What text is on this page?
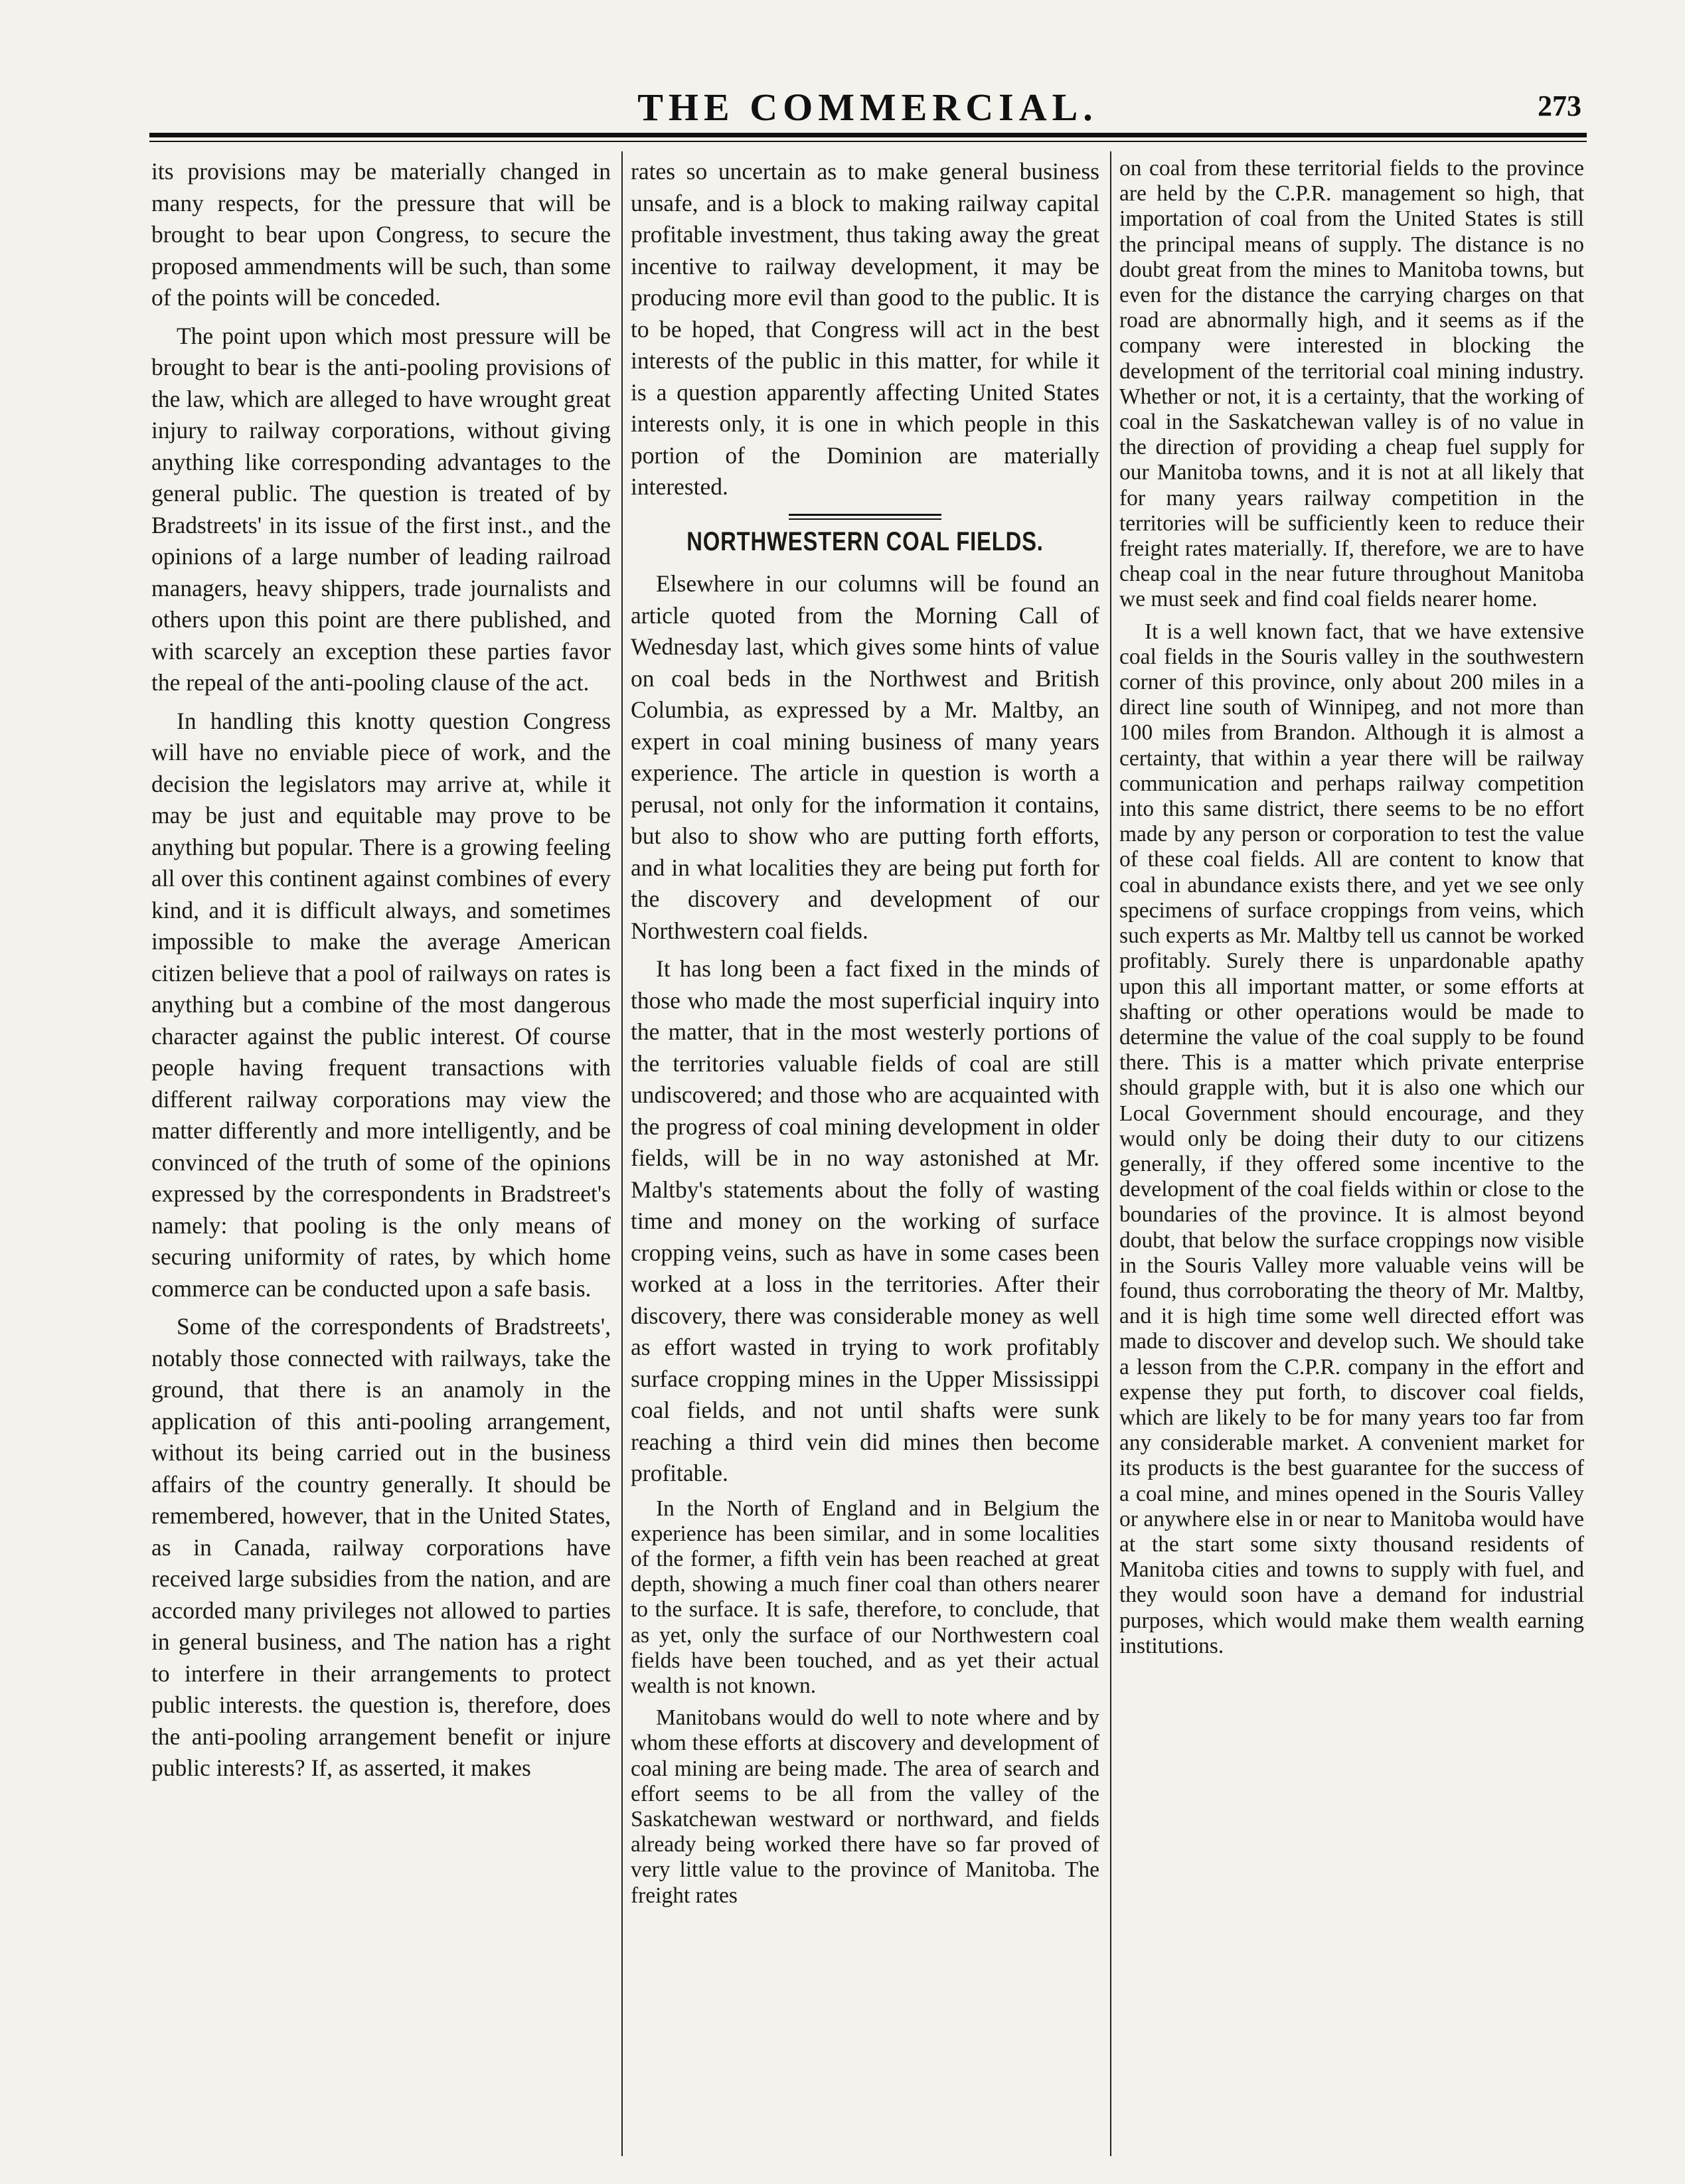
THE COMMERCIAL.	273

its provisions may be materially changed in many respects, for the pressure that will be brought to bear upon Congress, to secure the proposed ammendments will be such, than some of the points will be conceded.

The point upon which most pressure will be brought to bear is the anti-pooling provisions of the law, which are alleged to have wrought great injury to railway corporations, without giving anything like corresponding advantages to the general public. The question is treated of by Bradstreets' in its issue of the first inst., and the opinions of a large number of leading railroad managers, heavy shippers, trade journalists and others upon this point are there published, and with scarcely an exception these parties favor the repeal of the anti-pooling clause of the act.

In handling this knotty question Congress will have no enviable piece of work, and the decision the legislators may arrive at, while it may be just and equitable may prove to be anything but popular. There is a growing feeling all over this continent against combines of every kind, and it is difficult always, and sometimes impossible to make the average American citizen believe that a pool of railways on rates is anything but a combine of the most dangerous character against the public interest. Of course people having frequent transactions with different railway corporations may view the matter differently and more intelligently, and be convinced of the truth of some of the opinions expressed by the correspondents in Bradstreet's namely: that pooling is the only means of securing uniformity of rates, by which home commerce can be conducted upon a safe basis.

Some of the correspondents of Bradstreets', notably those connected with railways, take the ground, that there is an anamoly in the application of this anti-pooling arrangement, without its being carried out in the business affairs of the country generally. It should be remembered, however, that in the United States, as in Canada, railway corporations have received large subsidies from the nation, and are accorded many privileges not allowed to parties in general business, and The nation has a right to interfere in their arrangements to protect public interests. the question is, therefore, does the anti-pooling arrangement benefit or injure public interests? If, as asserted, it makes

rates so uncertain as to make general business unsafe, and is a block to making railway capital profitable investment, thus taking away the great incentive to railway development, it may be producing more evil than good to the public. It is to be hoped, that Congress will act in the best interests of the public in this matter, for while it is a question apparently affecting United States interests only, it is one in which people in this portion of the Dominion are materially interested.

NORTHWESTERN COAL FIELDS.

Elsewhere in our columns will be found an article quoted from the Morning Call of Wednesday last, which gives some hints of value on coal beds in the Northwest and British Columbia, as expressed by a Mr. Maltby, an expert in coal mining business of many years experience. The article in question is worth a perusal, not only for the information it contains, but also to show who are putting forth efforts, and in what localities they are being put forth for the discovery and development of our Northwestern coal fields.

It has long been a fact fixed in the minds of those who made the most superficial inquiry into the matter, that in the most westerly portions of the territories valuable fields of coal are still undiscovered; and those who are acquainted with the progress of coal mining development in older fields, will be in no way astonished at Mr. Maltby's statements about the folly of wasting time and money on the working of surface cropping veins, such as have in some cases been worked at a loss in the territories. After their discovery, there was considerable money as well as effort wasted in trying to work profitably surface cropping mines in the Upper Mississippi coal fields, and not until shafts were sunk reaching a third vein did mines then become profitable.

In the North of England and in Belgium the experience has been similar, and in some localities of the former, a fifth vein has been reached at great depth, showing a much finer coal than others nearer to the surface. It is safe, therefore, to conclude, that as yet, only the surface of our Northwestern coal fields have been touched, and as yet their actual wealth is not known.

Manitobans would do well to note where and by whom these efforts at discovery and development of coal mining are being made. The area of search and effort seems to be all from the valley of the Saskatchewan westward or northward, and fields already being worked there have so far proved of very little value to the province of Manitoba. The freight rates

on coal from these territorial fields to the province are held by the C.P.R. management so high, that importation of coal from the United States is still the principal means of supply. The distance is no doubt great from the mines to Manitoba towns, but even for the distance the carrying charges on that road are abnormally high, and it seems as if the company were interested in blocking the development of the territorial coal mining industry. Whether or not, it is a certainty, that the working of coal in the Saskatchewan valley is of no value in the direction of providing a cheap fuel supply for our Manitoba towns, and it is not at all likely that for many years railway competition in the territories will be sufficiently keen to reduce their freight rates materially. If, therefore, we are to have cheap coal in the near future throughout Manitoba we must seek and find coal fields nearer home.

It is a well known fact, that we have extensive coal fields in the Souris valley in the southwestern corner of this province, only about 200 miles in a direct line south of Winnipeg, and not more than 100 miles from Brandon. Although it is almost a certainty, that within a year there will be railway communication and perhaps railway competition into this same district, there seems to be no effort made by any person or corporation to test the value of these coal fields. All are content to know that coal in abundance exists there, and yet we see only specimens of surface croppings from veins, which such experts as Mr. Maltby tell us cannot be worked profitably. Surely there is unpardonable apathy upon this all important matter, or some efforts at shafting or other operations would be made to determine the value of the coal supply to be found there. This is a matter which private enterprise should grapple with, but it is also one which our Local Government should encourage, and they would only be doing their duty to our citizens generally, if they offered some incentive to the development of the coal fields within or close to the boundaries of the province. It is almost beyond doubt, that below the surface croppings now visible in the Souris Valley more valuable veins will be found, thus corroborating the theory of Mr. Maltby, and it is high time some well directed effort was made to discover and develop such. We should take a lesson from the C.P.R. company in the effort and expense they put forth, to discover coal fields, which are likely to be for many years too far from any considerable market. A convenient market for its products is the best guarantee for the success of a coal mine, and mines opened in the Souris Valley or anywhere else in or near to Manitoba would have at the start some sixty thousand residents of Manitoba cities and towns to supply with fuel, and they would soon have a demand for industrial purposes, which would make them wealth earning institutions.
